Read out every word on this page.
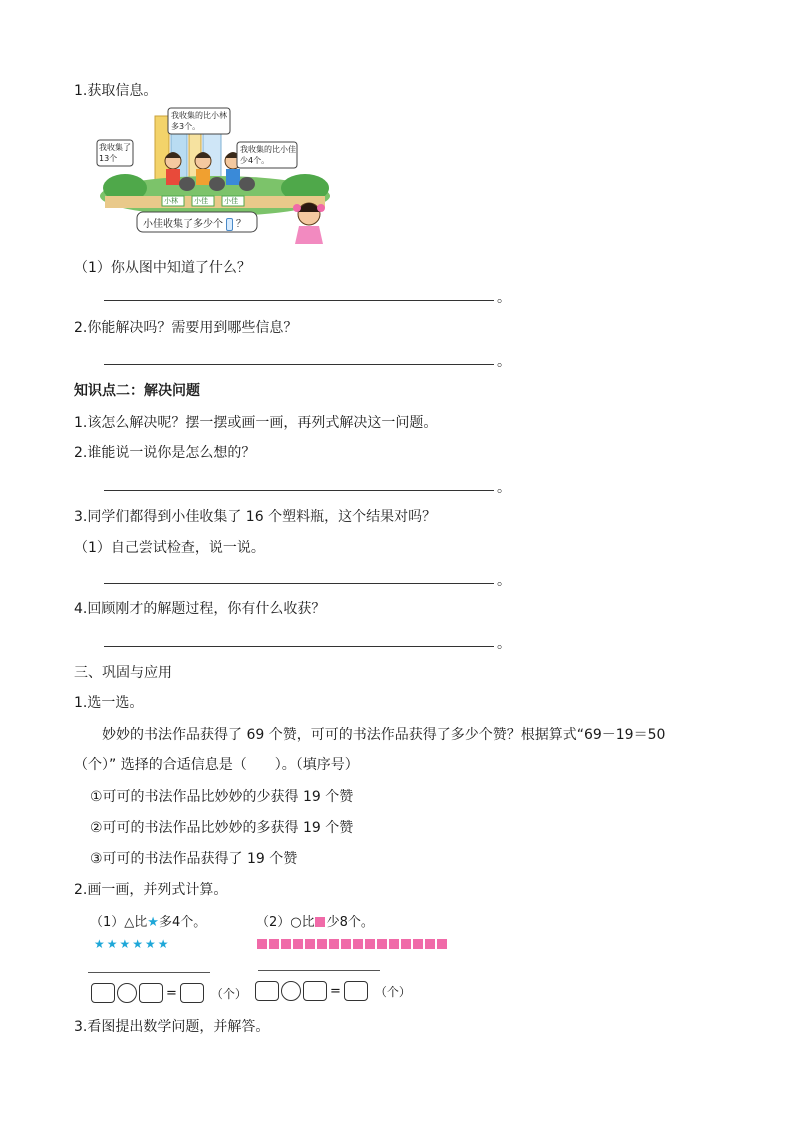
1.获取信息。
我收集的比小林多3个。
我收集了13个
我收集的比小佳少4个。
小林 小佳 小佳
小佳收集了多少个 ？
（1）你从图中知道了什么？
。
2.你能解决吗？需要用到哪些信息？
。
知识点二：解决问题
1.该怎么解决呢？摆一摆或画一画，再列式解决这一问题。
2.谁能说一说你是怎么想的？
。
3.同学们都得到小佳收集了 16 个塑料瓶，这个结果对吗？
（1）自己尝试检查，说一说。
。
4.回顾刚才的解题过程，你有什么收获？
。
三、巩固与应用
1.选一选。
妙妙的书法作品获得了 69 个赞，可可的书法作品获得了多少个赞？根据算式“69－19＝50
（个）” 选择的合适信息是（　　）。（填序号）
①可可的书法作品比妙妙的少获得 19 个赞
②可可的书法作品比妙妙的多获得 19 个赞
③可可的书法作品获得了 19 个赞
2.画一画，并列式计算。
（1）△比★多4个。
★★★★★★
=	（个）
（2）○比 少8个。
=	（个）
3.看图提出数学问题，并解答。
